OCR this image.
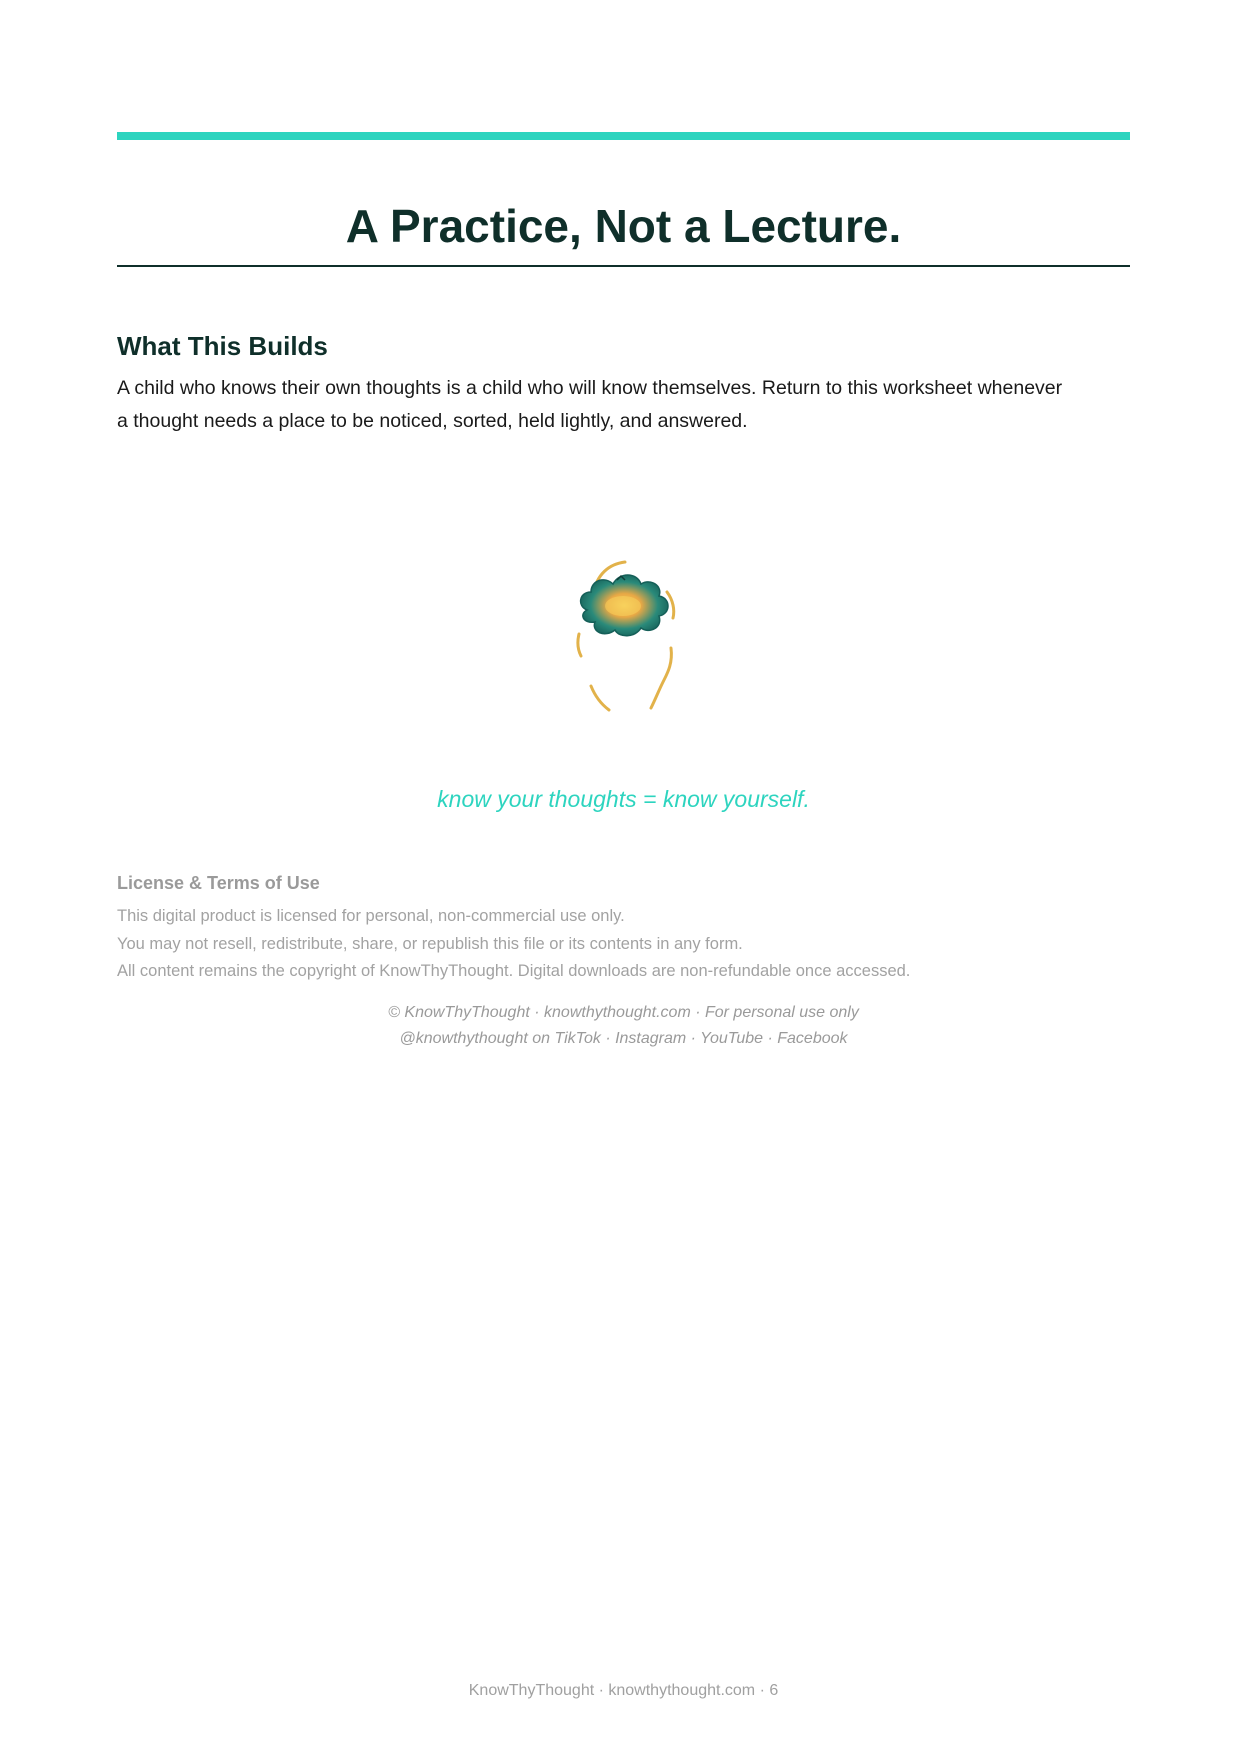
A Practice, Not a Lecture.
What This Builds

A child who knows their own thoughts is a child who will know themselves. Return to this worksheet whenever a thought needs a place to be noticed, sorted, held lightly, and answered.

know your thoughts = know yourself.

License & Terms of Use
This digital product is licensed for personal, non-commercial use only.
You may not resell, redistribute, share, or republish this file or its contents in any form.
All content remains the copyright of KnowThyThought. Digital downloads are non-refundable once accessed.
© KnowThyThought · knowthythought.com · For personal use only
@knowthythought on TikTok · Instagram · YouTube · Facebook
KnowThyThought · knowthythought.com · 6
